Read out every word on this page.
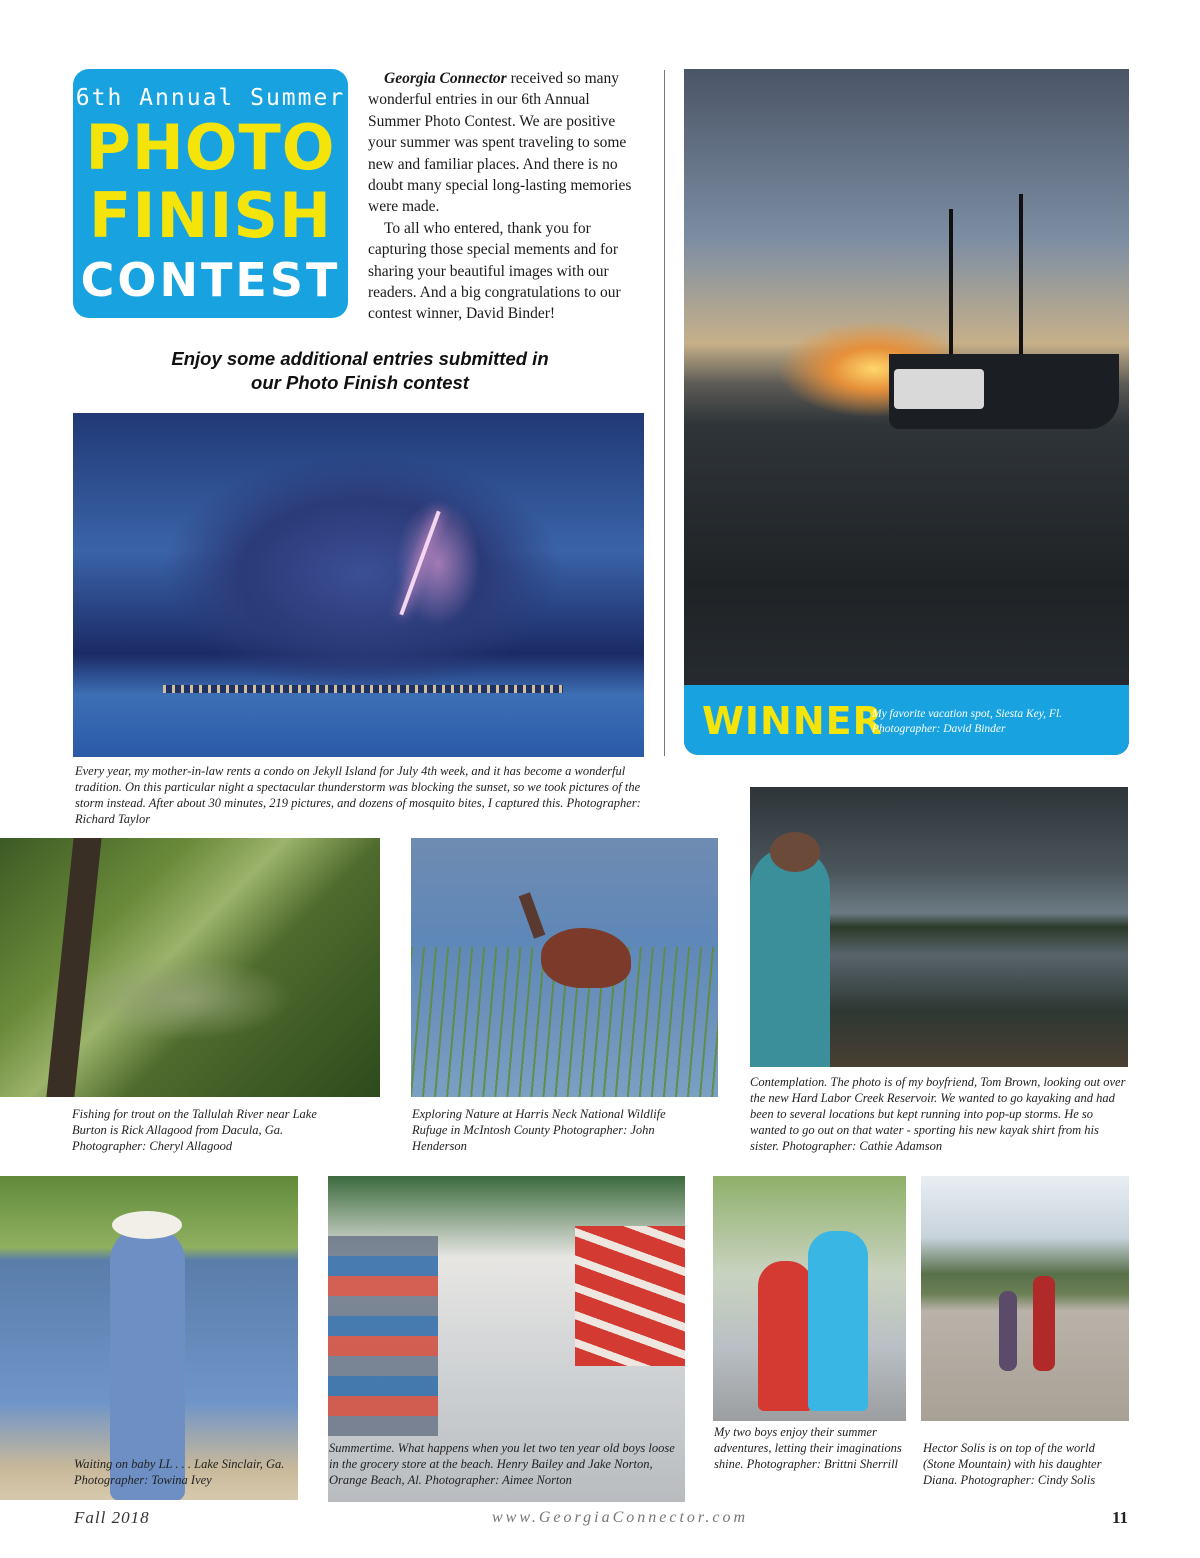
6th Annual Summer
PHOTO
FINISH
CONTEST

Georgia Connector received so many wonderful entries in our 6th Annual Summer Photo Contest. We are positive your summer was spent traveling to some new and familiar places. And there is no doubt many special long-lasting memories were made.

To all who entered, thank you for capturing those special mements and for sharing your beautiful images with our readers. And a big congratulations to our contest winner, David Binder!

Enjoy some additional entries submitted in
our Photo Finish contest
Every year, my mother-in-law rents a condo on Jekyll Island for July 4th week, and it has become a wonderful tradition. On this particular night a spectacular thunderstorm was blocking the sunset, so we took pictures of the storm instead. After about 30 minutes, 219 pictures, and dozens of mosquito bites, I captured this. Photographer: Richard Taylor
WINNER
My favorite vacation spot, Siesta Key, Fl.
Photographer: David Binder
Fishing for trout on the Tallulah River near Lake Burton is Rick Allagood from Dacula, Ga. Photographer: Cheryl Allagood
Exploring Nature at Harris Neck National Wildlife Rufuge in McIntosh County Photographer: John Henderson
Contemplation. The photo is of my boyfriend, Tom Brown, looking out over the new Hard Labor Creek Reservoir. We wanted to go kayaking and had been to several locations but kept running into pop-up storms. He so wanted to go out on that water - sporting his new kayak shirt from his sister. Photographer: Cathie Adamson
Waiting on baby LL . . . Lake Sinclair, Ga. Photographer: Towina Ivey
Summertime. What happens when you let two ten year old boys loose in the grocery store at the beach. Henry Bailey and Jake Norton, Orange Beach, Al. Photographer: Aimee Norton
My two boys enjoy their summer adventures, letting their imaginations shine. Photographer: Brittni Sherrill
Hector Solis is on top of the world (Stone Mountain) with his daughter Diana. Photographer: Cindy Solis
Fall 2018	www.GeorgiaConnector.com	11
